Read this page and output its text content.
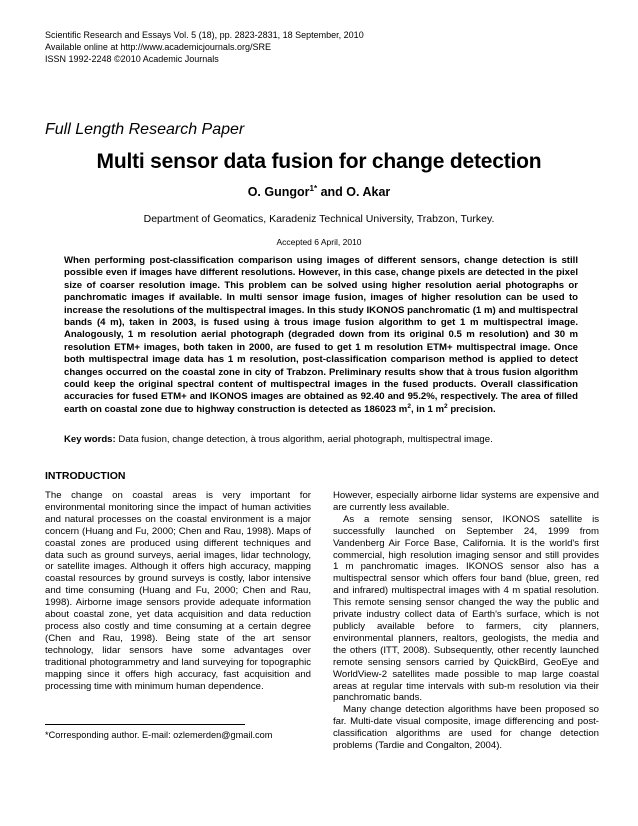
Scientific Research and Essays Vol. 5 (18), pp. 2823-2831, 18 September, 2010
Available online at http://www.academicjournals.org/SRE
ISSN 1992-2248 ©2010 Academic Journals
Full Length Research Paper
Multi sensor data fusion for change detection
O. Gungor$^{1*}$ and O. Akar
Department of Geomatics, Karadeniz Technical University, Trabzon, Turkey.
Accepted 6 April, 2010
When performing post-classification comparison using images of different sensors, change detection is still possible even if images have different resolutions. However, in this case, change pixels are detected in the pixel size of coarser resolution image. This problem can be solved using higher resolution aerial photographs or panchromatic images if available. In multi sensor image fusion, images of higher resolution can be used to increase the resolutions of the multispectral images. In this study IKONOS panchromatic (1 m) and multispectral bands (4 m), taken in 2003, is fused using à trous image fusion algorithm to get 1 m multispectral image. Analogously, 1 m resolution aerial photograph (degraded down from its original 0.5 m resolution) and 30 m resolution ETM+ images, both taken in 2000, are fused to get 1 m resolution ETM+ multispectral image. Once both multispectral image data has 1 m resolution, post-classification comparison method is applied to detect changes occurred on the coastal zone in city of Trabzon. Preliminary results show that à trous fusion algorithm could keep the original spectral content of multispectral images in the fused products. Overall classification accuracies for fused ETM+ and IKONOS images are obtained as 92.40 and 95.2%, respectively. The area of filled earth on coastal zone due to highway construction is detected as 186023 $m^2$, in 1 $m^2$ precision.
Key words: Data fusion, change detection, à trous algorithm, aerial photograph, multispectral image.
INTRODUCTION

The change on coastal areas is very important for environmental monitoring since the impact of human activities and natural processes on the coastal environment is a major concern (Huang and Fu, 2000; Chen and Rau, 1998). Maps of coastal zones are produced using different techniques and data such as ground surveys, aerial images, lidar technology, or satellite images. Although it offers high accuracy, mapping coastal resources by ground surveys is costly, labor intensive and time consuming (Huang and Fu, 2000; Chen and Rau, 1998). Airborne image sensors provide adequate information about coastal zone, yet data acquisition and data reduction process also costly and time consuming at a certain degree (Chen and Rau, 1998). Being state of the art sensor technology, lidar sensors have some advantages over traditional photogrammetry and land surveying for topographic mapping since it offers high accuracy, fast acquisition and processing time with minimum human dependence.

However, especially airborne lidar systems are expensive and are currently less available.

As a remote sensing sensor, IKONOS satellite is successfully launched on September 24, 1999 from Vandenberg Air Force Base, California. It is the world's first commercial, high resolution imaging sensor and still provides 1 m panchromatic images. IKONOS sensor also has a multispectral sensor which offers four band (blue, green, red and infrared) multispectral images with 4 m spatial resolution. This remote sensing sensor changed the way the public and private industry collect data of Earth's surface, which is not publicly available before to farmers, city planners, environmental planners, realtors, geologists, the media and the others (ITT, 2008). Subsequently, other recently launched remote sensing sensors carried by QuickBird, GeoEye and WorldView-2 satellites made possible to map large coastal areas at regular time intervals with sub-m resolution via their panchromatic bands.

Many change detection algorithms have been proposed so far. Multi-date visual composite, image differencing and post-classification algorithms are used for change detection problems (Tardie and Congalton, 2004).

*Corresponding author. E-mail: ozlemerden@gmail.com
